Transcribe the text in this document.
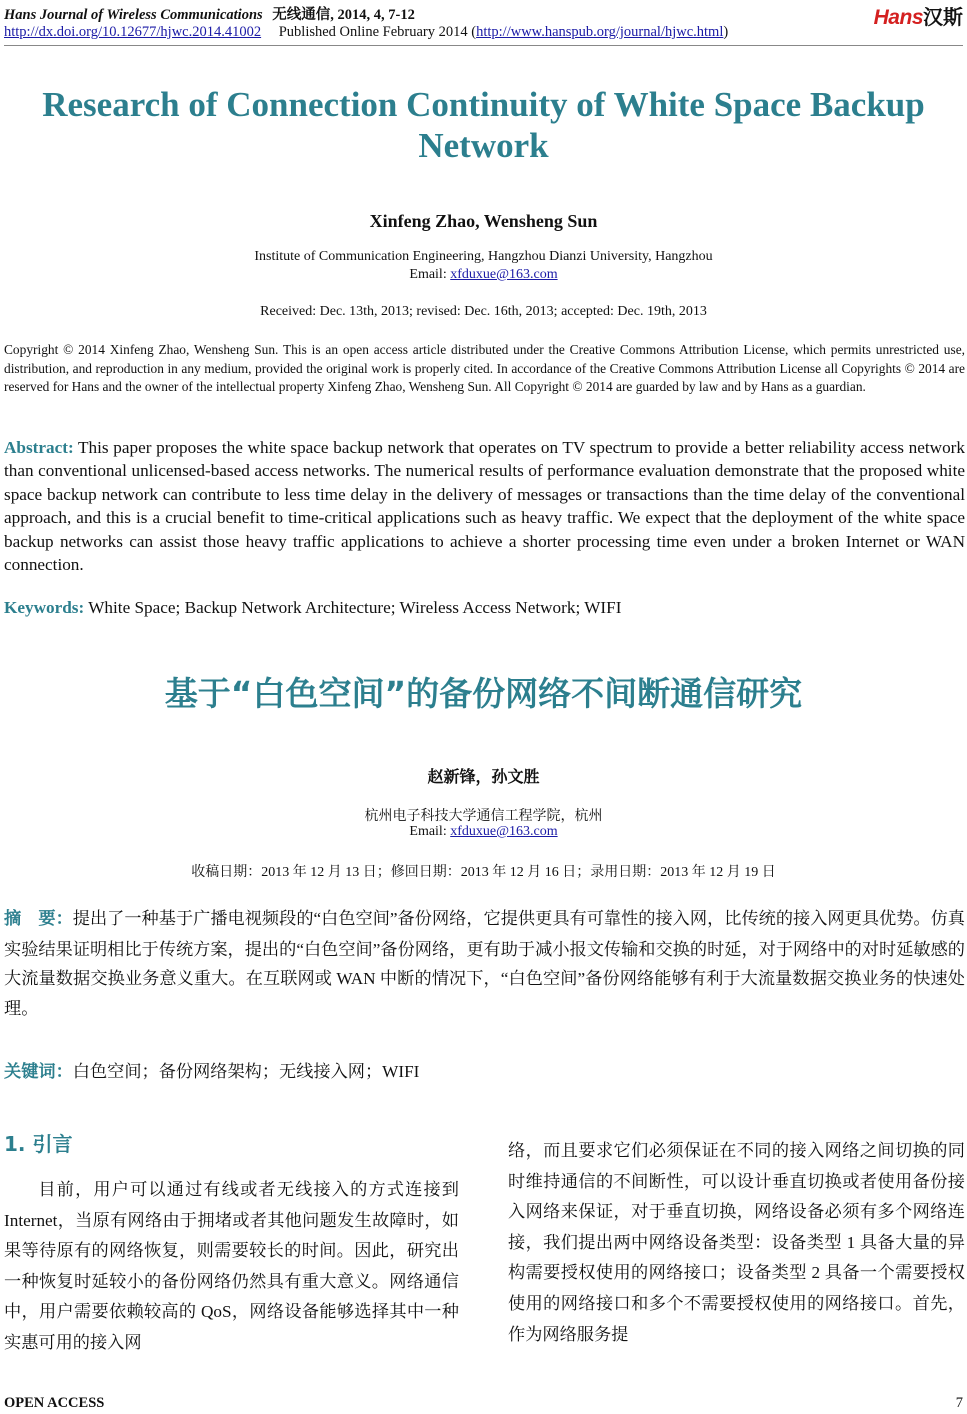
Hans Journal of Wireless Communications 无线通信, 2014, 4, 7-12
http://dx.doi.org/10.12677/hjwc.2014.41002 Published Online February 2014 (http://www.hanspub.org/journal/hjwc.html)
Hans汉斯
Research of Connection Continuity of White Space Backup Network
Xinfeng Zhao, Wensheng Sun
Institute of Communication Engineering, Hangzhou Dianzi University, Hangzhou
Email: xfduxue@163.com
Received: Dec. 13th, 2013; revised: Dec. 16th, 2013; accepted: Dec. 19th, 2013
Copyright © 2014 Xinfeng Zhao, Wensheng Sun. This is an open access article distributed under the Creative Commons Attribution License, which permits unrestricted use, distribution, and reproduction in any medium, provided the original work is properly cited. In accordance of the Creative Commons Attribution License all Copyrights © 2014 are reserved for Hans and the owner of the intellectual property Xinfeng Zhao, Wensheng Sun. All Copyright © 2014 are guarded by law and by Hans as a guardian.
Abstract: This paper proposes the white space backup network that operates on TV spectrum to provide a better reliability access network than conventional unlicensed-based access networks. The numerical results of performance evaluation demonstrate that the proposed white space backup network can contribute to less time delay in the delivery of messages or transactions than the time delay of the conventional approach, and this is a crucial benefit to time-critical applications such as heavy traffic. We expect that the deployment of the white space backup networks can assist those heavy traffic applications to achieve a shorter processing time even under a broken Internet or WAN connection.
Keywords: White Space; Backup Network Architecture; Wireless Access Network; WIFI
基于“白色空间”的备份网络不间断通信研究
赵新锋，孙文胜
杭州电子科技大学通信工程学院，杭州
Email: xfduxue@163.com
收稿日期：2013 年 12 月 13 日；修回日期：2013 年 12 月 16 日；录用日期：2013 年 12 月 19 日
摘　要：提出了一种基于广播电视频段的“白色空间”备份网络，它提供更具有可靠性的接入网，比传统的接入网更具优势。仿真实验结果证明相比于传统方案，提出的“白色空间”备份网络，更有助于减小报文传输和交换的时延，对于网络中的对时延敏感的大流量数据交换业务意义重大。在互联网或 WAN 中断的情况下，“白色空间”备份网络能够有利于大流量数据交换业务的快速处理。
关键词：白色空间；备份网络架构；无线接入网；WIFI
1. 引言
目前，用户可以通过有线或者无线接入的方式连接到 Internet，当原有网络由于拥堵或者其他问题发生故障时，如果等待原有的网络恢复，则需要较长的时间。因此，研究出一种恢复时延较小的备份网络仍然具有重大意义。网络通信中，用户需要依赖较高的 QoS，网络设备能够选择其中一种实惠可用的接入网
络，而且要求它们必须保证在不同的接入网络之间切换的同时维持通信的不间断性，可以设计垂直切换或者使用备份接入网络来保证，对于垂直切换，网络设备必须有多个网络连接，我们提出两中网络设备类型：设备类型 1 具备大量的异构需要授权使用的网络接口；设备类型 2 具备一个需要授权使用的网络接口和多个不需要授权使用的网络接口。首先，作为网络服务提
OPEN ACCESS	7
